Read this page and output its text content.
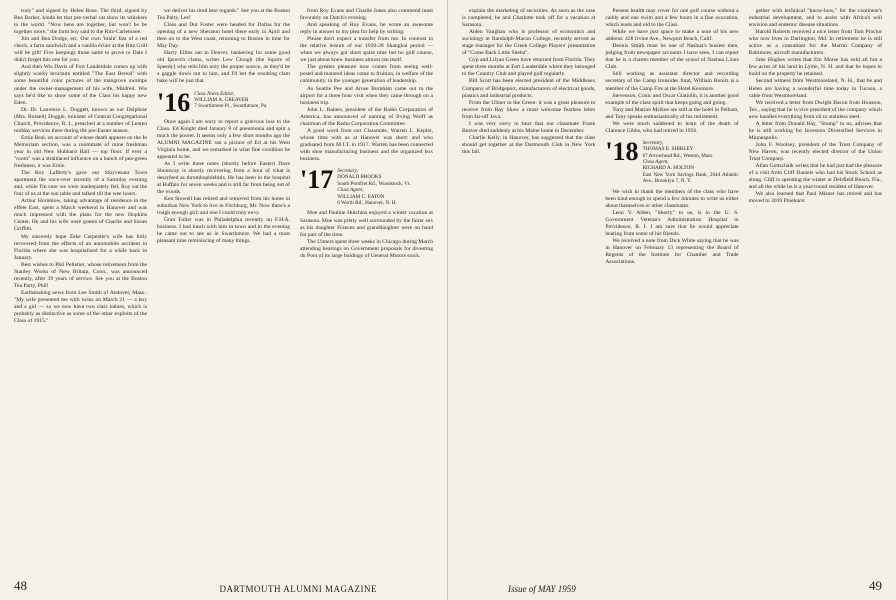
truly" and signed by Helen Rose. The third, signed by Bea Barker, kinda let that pre-verbal cat show its whiskers to the world. "Now hens are together, but won't be be together more," the farm boy said to the Ritz-Carletonee.

Jim and Bea Dodge, etc. Our own 'brain' fast of a red check, a farm sandwich and a vanilla éclair at the Ritz Grill will be gift! Five keepings those same to prove to Dale I didn't forget this one for you.

And then Wis Davis of Fort Lauderdale comes up with slightly wacky brochure entitled "The East Bereal" with some beautiful color pictures of the mangrove swamps under the owner-management of his wife, Mildred. Wis says he'd like to show some of the Class his happy new Eden.

Dr. Dr. Laurence L. Doggett, known as our Delphine (Mrs. Russell) Doggie, minister of Central Congregational Church, Providence, R. I., preached at a number of Lenten midday services there during the pre-Easter season.

Ernie Beal, on account of whose death appears on the In Memoriam section, was a roommate of mine freshman year in old New Hubbard Hall — top floor. If ever a "room" was a straitlaced influence on a bunch of pea-green freshmen, it was Ernie.

The Roy Lafferty's gave our Stuyvesant Town apartment the once-over recently of a Saturday evening and, while I'm sure we were inadequately fed, Roy sat the four of us at the sun table and talked till the wee hours.

Arthur Hornblow, taking advantage of residence in the effete East, spent a March weekend in Hanover and was much impressed with the plans for the new Hopkins Center. He and his wife were guests of Charlie and Susan Griffith.

My sincerely hope Zeke Carpenter's wife has fully recovered from the effects of an automobile accident in Florida where she was hospitalized for a while back in January.

Best wishes to Phil Pelletier, whose retirement from the Stanley Works of New Britain, Conn., was announced recently, after 39 years of service. See you at the Boston Tea Party, Phil!

Earthshaking news from Lee Smith of Andover, Mass.: "My wife presented me with twins on March 21 — a boy and a girl — so we now have two class babies, which is probably as distinctive as some of the other exploits of the Class of 1915."

we deliver his tired best regards." See you at the Boston Tea Party, Lee!

Class and Dot Foster were headed for Dallas for the opening of a new Sheraton hotel there early in April and then on to the West coast, returning to Boston in time for May Day.

Harry Ellms out in Denver, hankering for some good old Ipswich clams, writes Lew Clough (the Squire of Speedy) who tells him only the proper source, as they'd be a gaggle down out to him, and I'll bet the resulting clam bake will be just that.

'16 Class Notes Editor,
WILLIAM A. GREAVER
7 Swarthmore Pl., Swarthmore, Pa.

Once again I am sorry to report a grievous loss to the Class. Ed Knight died January 8 of pneumonia and split a much the poorer. It seems only a few short months ago the ALUMNI MAGAZINE ran a picture of Ed at his West Virginia home, and we remarked in what fine condition he appeared to be.

As I write these notes (shortly before Easter) Dave Shumway is shortly recovering from a bout of what is described as thrombophlebitis. He has been in the hospital at Buffalo for seven weeks and is still far from being out of the woods.

Ken Stowell has retired and removed from his home in suburban New York to live in Fitchburg, Mr. Now there's a rough enough girl; and one I could truly envy.

Gran Fuller was in Philadelphia recently on F.H.A. business. I had lunch with him in town and in the evening he came out to see us in Swarthmore. We had a most pleasant time reminiscing of many things.

from Roy Evans and Charlie Jones also commend most favorably on Dutch's evening.

And speaking of Roy Evans, he wrote an awesome reply in answer to my plea for help by writing:

Please don't expect a transfer from me. In contrast to the relative leisure of our 1920-28 Shanghai period — when we always got short spare time but no golf course, we just about knew business almost ran itself.

The greater pleasure now comes from seeing well-posed and matured ideas come to fruition, in welfare of the community, in the younger generation of leadership.

As Seattle Pee and Arose Burnham came out to the airport for a three hour visit when they came through on a business trip.

John L. Baines, president of the Radio Corporation of America, has announced of naming of Irving Wolff as chairman of the Radio Corporation Committee.

A good word from our Classmate, Warren L. Kepler, whose time with us at Hanover was short: and who graduated from M.I.T. in 1917. Warren has been connected with shoe manufacturing business and the organized box business.

'17 Secretary,
DONALD BROOKS
South Pomfret Rd., Woodstock, Vt.
Class Agent,
WILLIAM C. EATON
6 Worth Rd., Hanover, N. H.

Moe and Pauline Hutchins enjoyed a winter vacation at Sarasota. Moe was pretty well surrounded by the fairer sex as his daughter Frances and granddaughter were on hand for part of the time.

The Ulmers spent three weeks in Chicago during March attending hearings on Government proposals for divesting du Pont of its large holdings of General Motors stock.

48	DARTMOUTH ALUMNI MAGAZINE

explain the marketing of securities. As soon as the case is completed, he and Charlotte took off for a vacation at Sarasota.

Alden Vaughan who is professor of economics and sociology at Randolph-Macon College, recently served as stage manager for the Greek College Players' presentation of "Come Back Little Sheba".

Gyp and Lilyan Green have returned from Florida. They spent three months at Fort Lauderdale where they belonged to the Country Club and played golf regularly.

Bill Scott has been elected president of the Middlesex Company of Bridgeport, manufacturers of electrical goods, plastics and industrial products.

From the Ulmer to the Green: it was a great pleasure to receive from Ray Shaw a most welcome fearless letter from far-off Java.

I was very sorry to hear that our classmate Frank Beaver died suddenly at his Maine home in December.

Charlie Kelly, in Hanover, has suggested that the class should get together at the Dartmouth Club in New York this fall.

Present health may cover for one golf course without a caddy and one swim and a few hours in a fine avocation, which leads and old to the Class.

While we have just space to make a note of his new address: 428 Irvine Ave., Newport Beach, Calif.

Dennis Smith must be one of Nashua's busiest men, judging from newspaper accounts I have seen. I can report that he is a charter member of the synod of Nashua Lions Club.

Still working as assistant director and recording secretary of the Camp Ironsides fund, William Bonitz is a member of the Camp Fire at the Hotel Kenmore.

Stevenson, Conn. and Oscar Glatiolin, it is another good example of the class spirit that keeps going and going.

Tony and Marion McKee are still at the hotel in Pelham, and Tony speaks enthusiastically of his retirement.

We were much saddened to learn of the death of Clarence Gibbs, who had retired in 1956.

'18 Secretary,
THOMAS E. SHIRLEY
67 Arrowhead Rd., Weston, Mass.
Class Agent,
RICHARD A. HOLTON
East New York Savings Bank, 2644 Atlantic Ave., Brooklyn 7, N. Y.

We wish to thank the members of the class who have been kind enough to spend a few minutes to write us either about themselves or other classmates.

Leon V. Alden, "Shorty" to us, is in the U. S. Government Veteran's Administration Hospital in Providence, R. I. I am sure that he would appreciate hearing from some of his friends.

We received a note from Dick White saying that he was in Hanover on February 13 representing the Board of Regents of the Institute for Chamber and Trade Associations.

gether with technical "know-how," for the continent's industrial development, and to assist with Africa's will envision and endemic disease situations.

Harold Roberts received a nice letter from Tom Proctor who now lives in Darlington, Md. In retirement he is still active as a consultant for the Martin Company of Baltimore, aircraft manufacturers.

Jake Hughes writes that Em Morse has sold all but a few acres of his land in Lyme, N. H. and that he hopes to build on the property he retained.

Second witness from Westmoreland, N. H., that he and Helen are having a wonderful time today in Tucson, a cable from Westmoreland.

We received a letter from Dwight Bacon from Houston, Tex., saying that he is vice president of the company which now handles everything from oil to stainless steel.

A letter from Donald Bay, "Stump" to us, advises that he is still working for Investors Diversified Services in Minneapolis.

John F. Woolsey, president of the Trust Company of New Haven, was recently elected director of the Union Trust Company.

Allan Gottschalk writes that he had just had the pleasure of a visit from Cliff Daniels who had his Stock School as along. Cliff is spending the winter at Delrfield Beach, Fla., and all the while he is a year-round resident of Hanover.

We also learned that Paul Misner has retired and has moved to 3010 Pinehurst

Issue of MAY 1959	49
